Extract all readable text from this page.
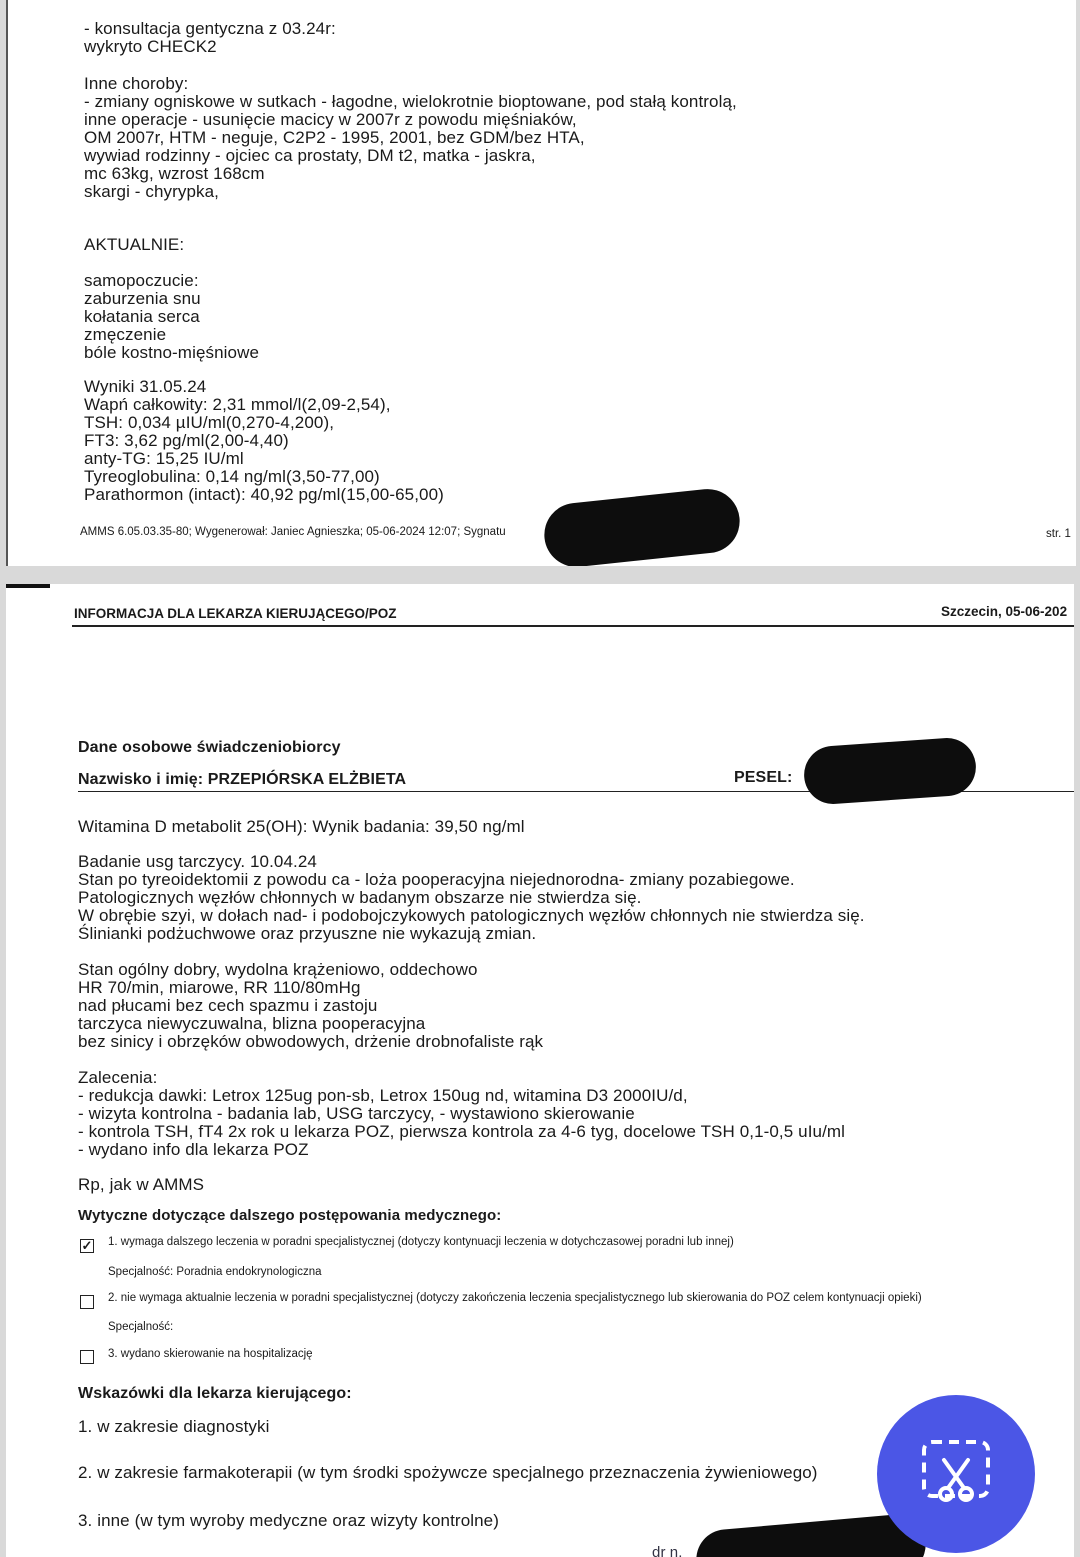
- konsultacja gentyczna z 03.24r:
wykryto CHECK2
Inne choroby:
- zmiany ogniskowe w sutkach - łagodne, wielokrotnie bioptowane, pod stałą kontrolą,
inne operacje - usunięcie macicy w 2007r z powodu mięśniaków,
OM 2007r, HTM - neguje, C2P2 - 1995, 2001, bez GDM/bez HTA,
wywiad rodzinny - ojciec ca prostaty, DM t2, matka - jaskra,
mc 63kg, wzrost 168cm
skargi - chyrypka,
AKTUALNIE:
samopoczucie:
zaburzenia snu
kołatania serca
zmęczenie
bóle kostno-mięśniowe
Wyniki 31.05.24
Wapń całkowity: 2,31 mmol/l(2,09-2,54),
TSH: 0,034 µIU/ml(0,270-4,200),
FT3: 3,62 pg/ml(2,00-4,40)
anty-TG: 15,25 IU/ml
Tyreoglobulina: 0,14 ng/ml(3,50-77,00)
Parathormon (intact): 40,92 pg/ml(15,00-65,00)
AMMS 6.05.03.35-80; Wygenerował: Janiec Agnieszka; 05-06-2024 12:07; Sygnatu	str. 1
INFORMACJA DLA LEKARZA KIERUJĄCEGO/POZ	Szczecin, 05-06-202
Dane osobowe świadczeniobiorcy
Nazwisko i imię: PRZEPIÓRSKA ELŻBIETA	PESEL:
Witamina D metabolit 25(OH): Wynik badania: 39,50 ng/ml
Badanie usg tarczycy. 10.04.24
Stan po tyreoidektomii z powodu ca - loża pooperacyjna niejednorodna- zmiany pozabiegowe.
Patologicznych węzłów chłonnych w badanym obszarze nie stwierdza się.
W obrębie szyi, w dołach nad- i podobojczykowych patologicznych węzłów chłonnych nie stwierdza się.
Ślinianki podżuchwowe oraz przyuszne nie wykazują zmian.
Stan ogólny dobry, wydolna krążeniowo, oddechowo
HR 70/min, miarowe, RR 110/80mHg
nad płucami bez cech spazmu i zastoju
tarczyca niewyczuwalna, blizna pooperacyjna
bez sinicy i obrzęków obwodowych, drżenie drobnofaliste rąk
Zalecenia:
- redukcja dawki: Letrox 125ug pon-sb, Letrox 150ug nd, witamina D3 2000IU/d,
- wizyta kontrolna - badania lab, USG tarczycy, - wystawiono skierowanie
- kontrola TSH, fT4 2x rok u lekarza POZ, pierwsza kontrola za 4-6 tyg, docelowe TSH 0,1-0,5 uIu/ml
- wydano info dla lekarza POZ
Rp, jak w AMMS
Wytyczne dotyczące dalszego postępowania medycznego:
✓ 1. wymaga dalszego leczenia w poradni specjalistycznej (dotyczy kontynuacji leczenia w dotychczasowej poradni lub innej)
Specjalność: Poradnia endokrynologiczna
2. nie wymaga aktualnie leczenia w poradni specjalistycznej (dotyczy zakończenia leczenia specjalistycznego lub skierowania do POZ celem kontynuacji opieki)
Specjalność:
3. wydano skierowanie na hospitalizację
Wskazówki dla lekarza kierującego:
1. w zakresie diagnostyki
2. w zakresie farmakoterapii (w tym środki spożywcze specjalnego przeznaczenia żywieniowego)
3. inne (w tym wyroby medyczne oraz wizyty kontrolne)
dr n.
